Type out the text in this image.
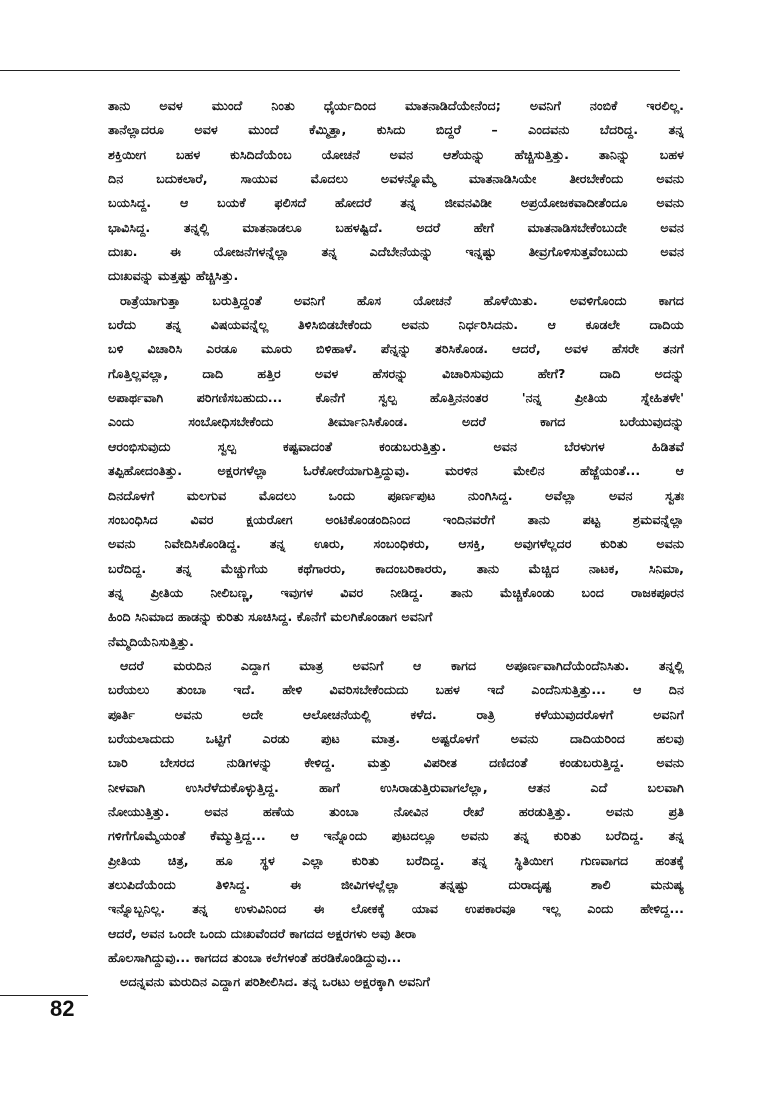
ತಾನು ಅವಳ ಮುಂದೆ ನಿಂತು ಧೈರ್ಯದಿಂದ ಮಾತನಾಡಿದೆಯೇನೆಂದ; ಅವನಿಗೆ ನಂಬಿಕೆ ಇರಲಿಲ್ಲ.
ತಾನೆಲ್ಲಾದರೂ ಅವಳ ಮುಂದೆ ಕೆಮ್ಮಿತ್ತಾ, ಕುಸಿದು ಬಿದ್ದರೆ – ಎಂದವನು ಬೆದರಿದ್ದ. ತನ್ನ
ಶಕ್ತಿಯೀಗ ಬಹಳ ಕುಸಿದಿದೆಯೆಂಬ ಯೋಚನೆ ಅವನ ಆಶೆಯನ್ನು ಹೆಚ್ಚಿಸುತ್ತಿತ್ತು. ತಾನಿನ್ನು ಬಹಳ
ದಿನ ಬದುಕಲಾರೆ, ಸಾಯುವ ಮೊದಲು ಅವಳನ್ನೊಮ್ಮೆ ಮಾತನಾಡಿಸಿಯೇ ತೀರಬೇಕೆಂದು ಅವನು
ಬಯಸಿದ್ದ. ಆ ಬಯಕೆ ಫಲಿಸದೆ ಹೋದರೆ ತನ್ನ ಜೀವನವಿಡೀ ಅಪ್ರಯೋಜಕವಾದೀತೆಂದೂ ಅವನು
ಭಾವಿಸಿದ್ದ. ತನ್ನಲ್ಲಿ ಮಾತನಾಡಲೂ ಬಹಳಷ್ಟಿದೆ. ಅದರೆ ಹೇಗೆ ಮಾತನಾಡಿಸಬೇಕೆಂಬುದೇ ಅವನ
ದುಃಖ. ಈ ಯೋಜನೆಗಳನ್ನೆಲ್ಲಾ ತನ್ನ ಎದೆಬೇನೆಯನ್ನು ಇನ್ನಷ್ಟು ತೀವ್ರಗೊಳಿಸುತ್ತವೆಂಬುದು ಅವನ
ದುಃಖವನ್ನು ಮತ್ತಷ್ಟು ಹೆಚ್ಚಿಸಿತ್ತು.
ರಾತ್ರೆಯಾಗುತ್ತಾ ಬರುತ್ತಿದ್ದಂತೆ ಅವನಿಗೆ ಹೊಸ ಯೋಚನೆ ಹೊಳೆಯಿತು. ಅವಳಿಗೊಂದು ಕಾಗದ
ಬರೆದು ತನ್ನ ವಿಷಯವನ್ನೆಲ್ಲ ತಿಳಿಸಿಬಿಡಬೇಕೆಂದು ಅವನು ನಿರ್ಧರಿಸಿದನು. ಆ ಕೂಡಲೇ ದಾದಿಯ
ಬಳಿ ವಿಚಾರಿಸಿ ಎರಡೂ ಮೂರು ಬಿಳಿಹಾಳೆ. ಪೆನ್ನನ್ನು ತರಿಸಿಕೊಂಡ. ಆದರೆ, ಅವಳ ಹೆಸರೇ ತನಗೆ
ಗೊತ್ತಿಲ್ಲವಲ್ಲಾ, ದಾದಿ ಹತ್ತಿರ ಅವಳ ಹೆಸರನ್ನು ವಿಚಾರಿಸುವುದು ಹೇಗೆ? ದಾದಿ ಅದನ್ನು
ಅಪಾರ್ಥವಾಗಿ ಪರಿಗಣಿಸಬಹುದು... ಕೊನೆಗೆ ಸ್ವಲ್ಪ ಹೊತ್ತಿನನಂತರ 'ನನ್ನ ಪ್ರೀತಿಯ ಸ್ನೇಹಿತಳೇ'
ಎಂದು ಸಂಬೋಧಿಸಬೇಕೆಂದು ತೀರ್ಮಾನಿಸಿಕೊಂಡ. ಅದರೆ ಕಾಗದ ಬರೆಯುವುದನ್ನು
ಆರಂಭಿಸುವುದು ಸ್ವಲ್ಪ ಕಷ್ಟವಾದಂತೆ ಕಂಡುಬರುತ್ತಿತ್ತು. ಅವನ ಬೆರಳುಗಳ ಹಿಡಿತವೆ
ತಪ್ಪಿಹೋದಂತಿತ್ತು. ಅಕ್ಷರಗಳೆಲ್ಲಾ ಓರೆಕೋರೆಯಾಗುತ್ತಿದ್ದುವು. ಮರಳಿನ ಮೇಲಿನ ಹೆಜ್ಜೆಯಂತೆ... ಆ
ದಿನದೊಳಗೆ ಮಲಗುವ ಮೊದಲು ಒಂದು ಪೂರ್ಣಪುಟ ನುಂಗಿಸಿದ್ದ. ಅವೆಲ್ಲಾ ಅವನ ಸ್ವತಃ
ಸಂಬಂಧಿಸಿದ ವಿವರ ಕ್ಷಯರೋಗ ಅಂಟಿಕೊಂಡಂದಿನಿಂದ ಇಂದಿನವರೆಗೆ ತಾನು ಪಟ್ಟ ಶ್ರಮವನ್ನೆಲ್ಲಾ
ಅವನು ನಿವೇದಿಸಿಕೊಂಡಿದ್ದ. ತನ್ನ ಊರು, ಸಂಬಂಧಿಕರು, ಆಸಕ್ತಿ, ಅವುಗಳೆಲ್ಲದರ ಕುರಿತು ಅವನು
ಬರೆದಿದ್ದ. ತನ್ನ ಮೆಚ್ಚುಗೆಯ ಕಥೆಗಾರರು, ಕಾದಂಬರಿಕಾರರು, ತಾನು ಮೆಚ್ಚಿದ ನಾಟಕ, ಸಿನಿಮಾ,
ತನ್ನ ಪ್ರೀತಿಯ ನೀಲಿಬಣ್ಣ, ಇವುಗಳ ವಿವರ ನೀಡಿದ್ದ. ತಾನು ಮೆಚ್ಚಿಕೊಂಡು ಬಂದ ರಾಜಕಪೂರನ
ಹಿಂದಿ ಸಿನಿಮಾದ ಹಾಡನ್ನು ಕುರಿತು ಸೂಚಿಸಿದ್ದ. ಕೊನೆಗೆ ಮಲಗಿಕೊಂಡಾಗ ಅವನಿಗೆ
ನೆಮ್ಮದಿಯೆನಿಸುತ್ತಿತ್ತು.
ಆದರೆ ಮರುದಿನ ಎದ್ದಾಗ ಮಾತ್ರ ಅವನಿಗೆ ಆ ಕಾಗದ ಅಪೂರ್ಣವಾಗಿದೆಯೆಂದೆನಿಸಿತು. ತನ್ನಲ್ಲಿ
ಬರೆಯಲು ತುಂಬಾ ಇದೆ. ಹೇಳಿ ವಿವರಿಸಬೇಕೆಂದುದು ಬಹಳ ಇದೆ ಎಂದೆನಿಸುತ್ತಿತ್ತು... ಆ ದಿನ
ಪೂರ್ತಿ ಅವನು ಅದೇ ಆಲೋಚನೆಯಲ್ಲಿ ಕಳೆದ. ರಾತ್ರಿ ಕಳೆಯುವುದರೊಳಗೆ ಅವನಿಗೆ
ಬರೆಯಲಾದುದು ಒಟ್ಟಿಗೆ ಎರಡು ಪುಟ ಮಾತ್ರ. ಅಷ್ಟರೊಳಗೆ ಅವನು ದಾದಿಯರಿಂದ ಹಲವು
ಬಾರಿ ಬೇಸರದ ನುಡಿಗಳನ್ನು ಕೇಳಿದ್ದ. ಮತ್ತು ವಿಪರೀತ ದಣಿದಂತೆ ಕಂಡುಬರುತ್ತಿದ್ದ. ಅವನು
ನೀಳವಾಗಿ ಉಸಿರೆಳೆದುಕೊಳ್ಳುತ್ತಿದ್ದ. ಹಾಗೆ ಉಸಿರಾಡುತ್ತಿರುವಾಗಲೆಲ್ಲಾ, ಆತನ ಎದೆ ಬಲವಾಗಿ
ನೋಯುತ್ತಿತ್ತು. ಅವನ ಹಣೆಯ ತುಂಬಾ ನೋವಿನ ರೇಖೆ ಹರಡುತ್ತಿತ್ತು. ಅವನು ಪ್ರತಿ
ಗಳಿಗೆಗೊಮ್ಮೆಯಂತೆ ಕೆಮ್ಮುತ್ತಿದ್ದ... ಆ ಇನ್ನೊಂದು ಪುಟದಲ್ಲೂ ಅವನು ತನ್ನ ಕುರಿತು ಬರೆದಿದ್ದ. ತನ್ನ
ಪ್ರೀತಿಯ ಚಿತ್ರ, ಹೂ ಸ್ಥಳ ಎಲ್ಲಾ ಕುರಿತು ಬರೆದಿದ್ದ. ತನ್ನ ಸ್ಥಿತಿಯೀಗ ಗುಣವಾಗದ ಹಂತಕ್ಕೆ
ತಲುಪಿದೆಯೆಂದು ತಿಳಿಸಿದ್ದ. ಈ ಜೀವಿಗಳಲ್ಲೆಲ್ಲಾ ತನ್ನಷ್ಟು ದುರಾದೃಷ್ಟ ಶಾಲಿ ಮನುಷ್ಯ
ಇನ್ನೊಬ್ಬನಿಲ್ಲ. ತನ್ನ ಉಳುವಿನಿಂದ ಈ ಲೋಕಕ್ಕೆ ಯಾವ ಉಪಕಾರವೂ ಇಲ್ಲ ಎಂದು ಹೇಳಿದ್ದ...
ಆದರೆ, ಅವನ ಒಂದೇ ಒಂದು ದುಃಖವೆಂದರೆ ಕಾಗದದ ಅಕ್ಷರಗಳು ಅವು ತೀರಾ
ಹೊಲಸಾಗಿದ್ದುವು... ಕಾಗದದ ತುಂಬಾ ಕಲೆಗಳಂತೆ ಹರಡಿಕೊಂಡಿದ್ದುವು...
ಅದನ್ನವನು ಮರುದಿನ ಎದ್ದಾಗ ಪರಿಶೀಲಿಸಿದ. ತನ್ನ ಒರಟು ಅಕ್ಷರಕ್ಕಾಗಿ ಅವನಿಗೆ
82
